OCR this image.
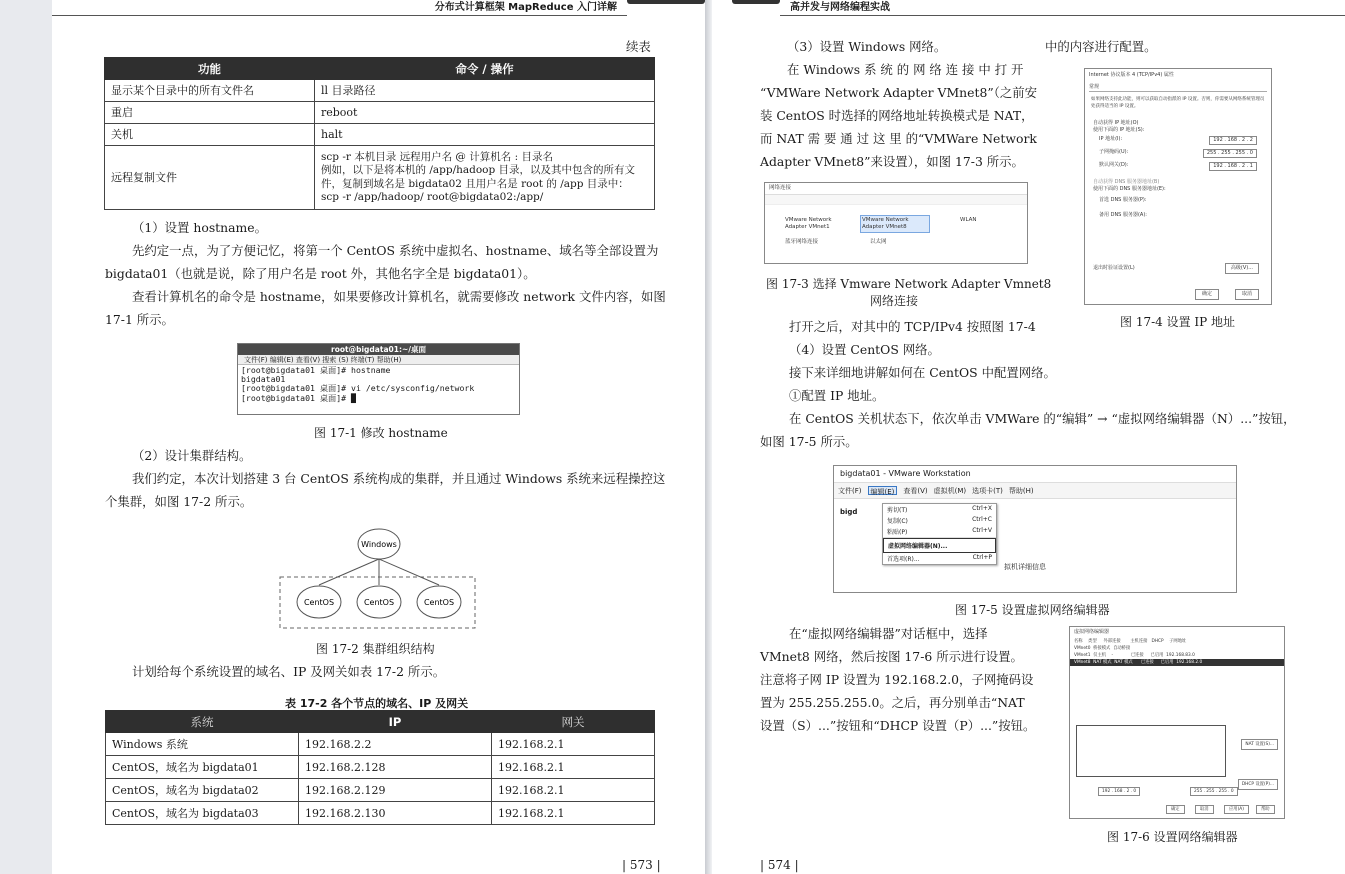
分布式计算框架 MapReduce 入门详解
续表
功能	命令 / 操作
显示某个目录中的所有文件名	ll 目录路径
重启	reboot
关机	halt
远程复制文件	scp -r 本机目录 远程用户名 @ 计算机名 : 目录名
例如，以下是将本机的 /app/hadoop 目录，以及其中包含的所有文
件，复制到域名是 bigdata02 且用户名是 root 的 /app 目录中：
scp -r /app/hadoop/ root@bigdata02:/app/
（1）设置 hostname。
先约定一点，为了方便记忆，将第一个 CentOS 系统中虚拟名、hostname、域名等全部设置为
bigdata01（也就是说，除了用户名是 root 外，其他名字全是 bigdata01）。
查看计算机名的命令是 hostname，如果要修改计算机名，就需要修改 network 文件内容，如图
17-1 所示。
root@bigdata01:~/桌面
文件(F) 编辑(E) 查看(V) 搜索 (S) 终端(T) 帮助(H)
[root@bigdata01 桌面]# hostname
bigdata01
[root@bigdata01 桌面]# vi /etc/sysconfig/network
[root@bigdata01 桌面]# █
图 17-1 修改 hostname
（2）设计集群结构。
我们约定，本次计划搭建 3 台 CentOS 系统构成的集群，并且通过 Windows 系统来远程操控这
个集群，如图 17-2 所示。
Windows
CentOS	CentOS	CentOS
图 17-2 集群组织结构
计划给每个系统设置的域名、IP 及网关如表 17-2 所示。
表 17-2 各个节点的域名、IP 及网关
系统	IP	网关
Windows 系统	192.168.2.2	192.168.2.1
CentOS，域名为 bigdata01	192.168.2.128	192.168.2.1
CentOS，域名为 bigdata02	192.168.2.129	192.168.2.1
CentOS，域名为 bigdata03	192.168.2.130	192.168.2.1
| 573 |
高并发与网络编程实战
（3）设置 Windows 网络。	中的内容进行配置。
在 Windows 系 统 的 网 络 连 接 中 打 开
“VMWare Network Adapter VMnet8”（之前安
装 CentOS 时选择的网络地址转换模式是 NAT，
而 NAT 需 要 通 过 这 里 的“VMWare Network
Adapter VMnet8”来设置），如图 17-3 所示。
网络连接
VMware Network Adapter VMnet1
VMware Network Adapter VMnet8
WLAN
蓝牙网络连接	以太网
图 17-3 选择 Vmware Network Adapter Vmnet8
网络连接
Internet 协议版本 4 (TCP/IPv4) 属性
常规
如果网络支持此功能，则可以获取自动指派的 IP 设置。否则，你需要从网络系统管理员处获得适当的 IP 设置。
自动获得 IP 地址(O)
使用下面的 IP 地址(S):
IP 地址(I):	192 . 168 . 2 . 2
子网掩码(U):	255 . 255 . 255 . 0
默认网关(D):	192 . 168 . 2 . 1
自动获得 DNS 服务器地址(B)
使用下面的 DNS 服务器地址(E):
首选 DNS 服务器(P):
备用 DNS 服务器(A):
退出时验证设置(L)	高级(V)...
确定	取消
图 17-4 设置 IP 地址
打开之后，对其中的 TCP/IPv4 按照图 17-4
（4）设置 CentOS 网络。
接下来详细地讲解如何在 CentOS 中配置网络。
①配置 IP 地址。
在 CentOS 关机状态下，依次单击 VMWare 的“编辑” → “虚拟网络编辑器（N）...”按钮，
如图 17-5 所示。
bigdata01 - VMware Workstation
文件(F)	编辑(E)	查看(V) 虚拟机(M) 选项卡(T) 帮助(H)
bigd	剪切(T)	Ctrl+X
复制(C)	Ctrl+C
粘贴(P)	Ctrl+V
虚拟网络编辑器(N)...
首选项(R)...	Ctrl+P
拟机详细信息
图 17-5 设置虚拟网络编辑器
在“虚拟网络编辑器”对话框中，选择
VMnet8 网络，然后按图 17-6 所示进行设置。
注意将子网 IP 设置为 192.168.2.0，子网掩码设
置为 255.255.255.0。之后，再分别单击“NAT
设置（S）...”按钮和“DHCP 设置（P）...”按钮。
虚拟网络编辑器
名称    类型     外部连接       主机连接   DHCP    子网地址
VMnet0  桥接模式  自动桥接
VMnet1  仅主机    -             已连接     已启用  192.168.83.0
VMnet8  NAT 模式  NAT 模式      已连接     已启用  192.168.2.0
NAT 设置(S)...
DHCP 设置(P)...
192 . 168 . 2 . 0	255 . 255 . 255 . 0
确定	取消	应用(A)	帮助
图 17-6 设置网络编辑器
| 574 |
